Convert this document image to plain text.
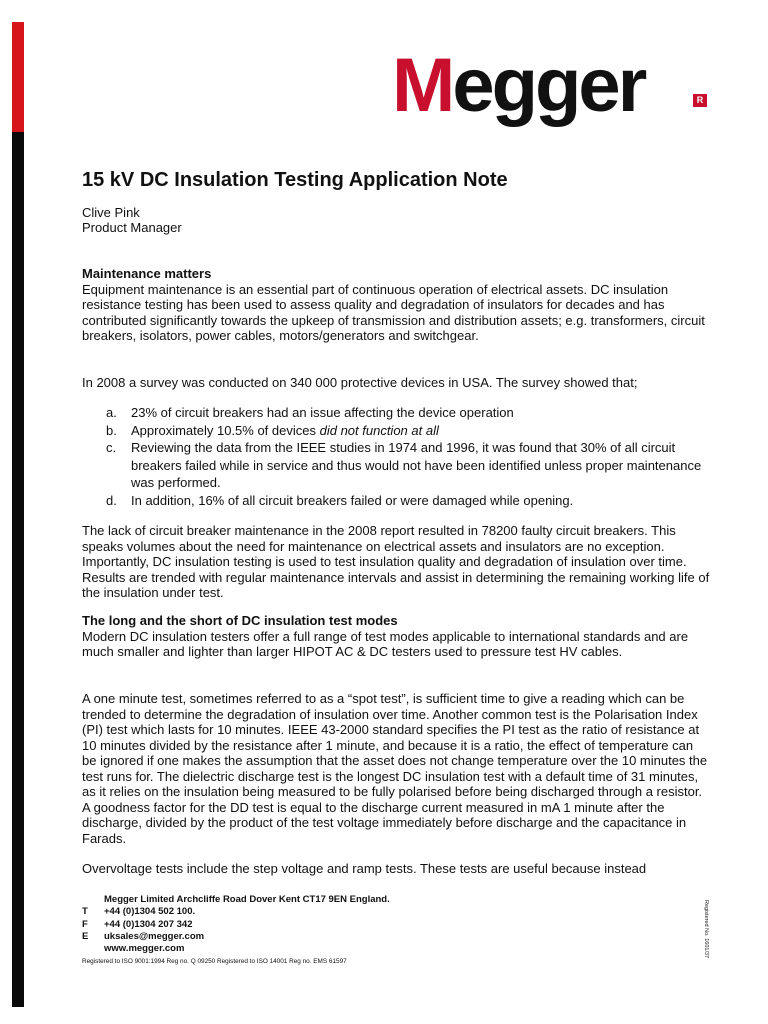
Megger	R
15 kV DC Insulation Testing Application Note
Clive Pink
Product Manager
Maintenance matters

Equipment maintenance is an essential part of continuous operation of electrical assets. DC insulation resistance testing has been used to assess quality and degradation of insulators for decades and has contributed significantly towards the upkeep of transmission and distribution assets; e.g. transformers, circuit breakers, isolators, power cables, motors/generators and switchgear.

In 2008 a survey was conducted on 340 000 protective devices in USA. The survey showed that;
a. 23% of circuit breakers had an issue affecting the device operation
b. Approximately 10.5% of devices did not function at all
c. Reviewing the data from the IEEE studies in 1974 and 1996, it was found that 30% of all circuit breakers failed while in service and thus would not have been identified unless proper maintenance was performed.
d. In addition, 16% of all circuit breakers failed or were damaged while opening.
The lack of circuit breaker maintenance in the 2008 report resulted in 78200 faulty circuit breakers. This speaks volumes about the need for maintenance on electrical assets and insulators are no exception. Importantly, DC insulation testing is used to test insulation quality and degradation of insulation over time. Results are trended with regular maintenance intervals and assist in determining the remaining working life of the insulation under test.
The long and the short of DC insulation test modes

Modern DC insulation testers offer a full range of test modes applicable to international standards and are much smaller and lighter than larger HIPOT AC & DC testers used to pressure test HV cables.

A one minute test, sometimes referred to as a “spot test”, is sufficient time to give a reading which can be trended to determine the degradation of insulation over time. Another common test is the Polarisation Index (PI) test which lasts for 10 minutes. IEEE 43-2000 standard specifies the PI test as the ratio of resistance at 10 minutes divided by the resistance after 1 minute, and because it is a ratio, the effect of temperature can be ignored if one makes the assumption that the asset does not change temperature over the 10 minutes the test runs for. The dielectric discharge test is the longest DC insulation test with a default time of 31 minutes, as it relies on the insulation being measured to be fully polarised before being discharged through a resistor. A goodness factor for the DD test is equal to the discharge current measured in mA 1 minute after the discharge, divided by the product of the test voltage immediately before discharge and the capacitance in Farads.
Overvoltage tests include the step voltage and ramp tests. These tests are useful because instead
Megger Limited Archcliffe Road Dover Kent CT17 9EN England.
T	+44 (0)1304 502 100.
F	+44 (0)1304 207 342
E	uksales@megger.com
www.megger.com
Registered to ISO 9001:1994 Reg no. Q 09250 Registered to ISO 14001 Reg no. EMS 61597
Registered No. 1601/37
